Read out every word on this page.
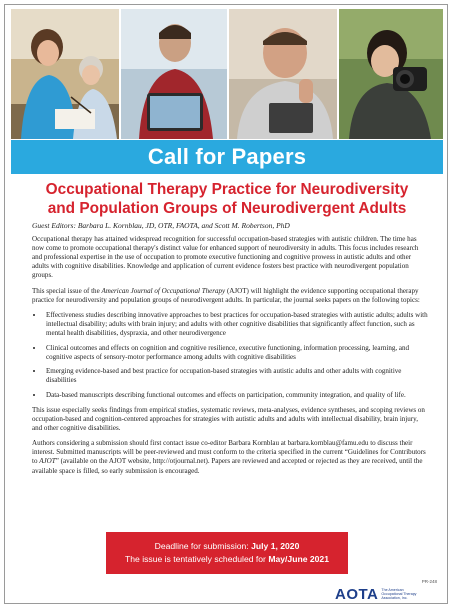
Call for Papers
Occupational Therapy Practice for Neurodiversity
and Population Groups of Neurodivergent Adults

Guest Editors: Barbara L. Kornblau, JD, OTR, FAOTA, and Scott M. Robertson, PhD

Occupational therapy has attained widespread recognition for successful occupation-based strategies with autistic children. The time has now come to promote occupational therapy's distinct value for enhanced support of neurodiversity in adults. This focus includes research and professional expertise in the use of occupation to promote executive functioning and cognitive prowess in autistic adults and other adults with cognitive disabilities. Knowledge and application of current evidence fosters best practice with neurodivergent population groups.

This special issue of the American Journal of Occupational Therapy (AJOT) will highlight the evidence supporting occupational therapy practice for neurodiversity and population groups of neurodivergent adults. In particular, the journal seeks papers on the following topics:

• Effectiveness studies describing innovative approaches to best practices for occupation-based strategies with autistic adults; adults with intellectual disability; adults with brain injury; and adults with other cognitive disabilities that significantly affect function, such as mental health disabilities, dyspraxia, and other neurodivergence
• Clinical outcomes and effects on cognition and cognitive resilience, executive functioning, information processing, learning, and cognitive aspects of sensory-motor performance among adults with cognitive disabilities
• Emerging evidence-based and best practice for occupation-based strategies with autistic adults and other adults with cognitive disabilities
• Data-based manuscripts describing functional outcomes and effects on participation, community integration, and quality of life.

This issue especially seeks findings from empirical studies, systematic reviews, meta-analyses, evidence syntheses, and scoping reviews on occupation-based and cognition-centered approaches for strategies with autistic adults and adults with intellectual disability, brain injury, and other cognitive disabilities.

Authors considering a submission should first contact issue co-editor Barbara Kornblau at barbara.kornblau@famu.edu to discuss their interest. Submitted manuscripts will be peer-reviewed and must conform to the criteria specified in the current “Guidelines for Contributors to AJOT” (available on the AJOT website, http://otjournal.net). Papers are reviewed and accepted or rejected as they are received, until the available space is filled, so early submission is encouraged.

Deadline for submission: July 1, 2020
The issue is tentatively scheduled for May/June 2021
PR-248
AOTA The American Occupational Therapy Association, Inc.
